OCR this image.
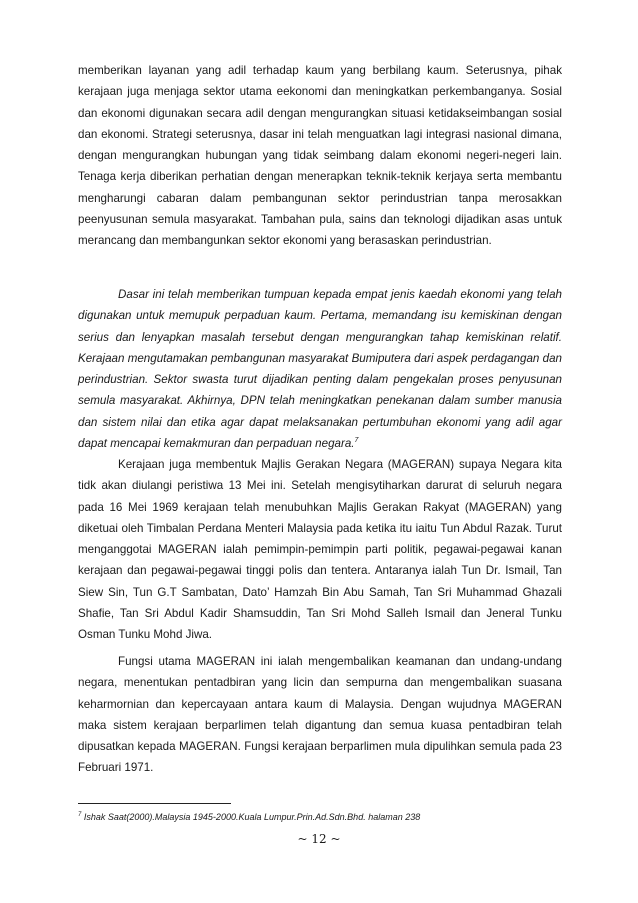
memberikan layanan yang adil terhadap kaum yang berbilang kaum. Seterusnya, pihak kerajaan juga menjaga sektor utama eekonomi dan meningkatkan perkembanganya. Sosial dan ekonomi digunakan secara adil dengan mengurangkan situasi ketidakseimbangan sosial dan ekonomi. Strategi seterusnya, dasar ini telah menguatkan lagi integrasi nasional dimana, dengan mengurangkan hubungan yang tidak seimbang dalam ekonomi negeri-negeri lain. Tenaga kerja diberikan perhatian dengan menerapkan teknik-teknik kerjaya serta membantu mengharungi cabaran dalam pembangunan sektor perindustrian tanpa merosakkan peenyusunan semula masyarakat. Tambahan pula, sains dan teknologi dijadikan asas untuk merancang dan membangunkan sektor ekonomi yang berasaskan perindustrian.

Dasar ini telah memberikan tumpuan kepada empat jenis kaedah ekonomi yang telah digunakan untuk memupuk perpaduan kaum. Pertama, memandang isu kemiskinan dengan serius dan lenyapkan masalah tersebut dengan mengurangkan tahap kemiskinan relatif. Kerajaan mengutamakan pembangunan masyarakat Bumiputera dari aspek perdagangan dan perindustrian. Sektor swasta turut dijadikan penting dalam pengekalan proses penyusunan semula masyarakat. Akhirnya, DPN telah meningkatkan penekanan dalam sumber manusia dan sistem nilai dan etika agar dapat melaksanakan pertumbuhan ekonomi yang adil agar dapat mencapai kemakmuran dan perpaduan negara.$^7$

Kerajaan juga membentuk Majlis Gerakan Negara (MAGERAN) supaya Negara kita tidk akan diulangi peristiwa 13 Mei ini. Setelah mengisytiharkan darurat di seluruh negara pada 16 Mei 1969 kerajaan telah menubuhkan Majlis Gerakan Rakyat (MAGERAN) yang diketuai oleh Timbalan Perdana Menteri Malaysia pada ketika itu iaitu Tun Abdul Razak. Turut menganggotai MAGERAN ialah pemimpin-pemimpin parti politik, pegawai-pegawai kanan kerajaan dan pegawai-pegawai tinggi polis dan tentera. Antaranya ialah Tun Dr. Ismail, Tan Siew Sin, Tun G.T Sambatan, Dato’ Hamzah Bin Abu Samah, Tan Sri Muhammad Ghazali Shafie, Tan Sri Abdul Kadir Shamsuddin, Tan Sri Mohd Salleh Ismail dan Jeneral Tunku Osman Tunku Mohd Jiwa.

Fungsi utama MAGERAN ini ialah mengembalikan keamanan dan undang-undang negara, menentukan pentadbiran yang licin dan sempurna dan mengembalikan suasana keharmornian dan kepercayaan antara kaum di Malaysia. Dengan wujudnya MAGERAN maka sistem kerajaan berparlimen telah digantung dan semua kuasa pentadbiran telah dipusatkan kepada MAGERAN. Fungsi kerajaan berparlimen mula dipulihkan semula pada 23 Februari 1971.

$^7$ Ishak Saat(2000).Malaysia 1945-2000.Kuala Lumpur.Prin.Ad.Sdn.Bhd. halaman 238
~ 12 ~
